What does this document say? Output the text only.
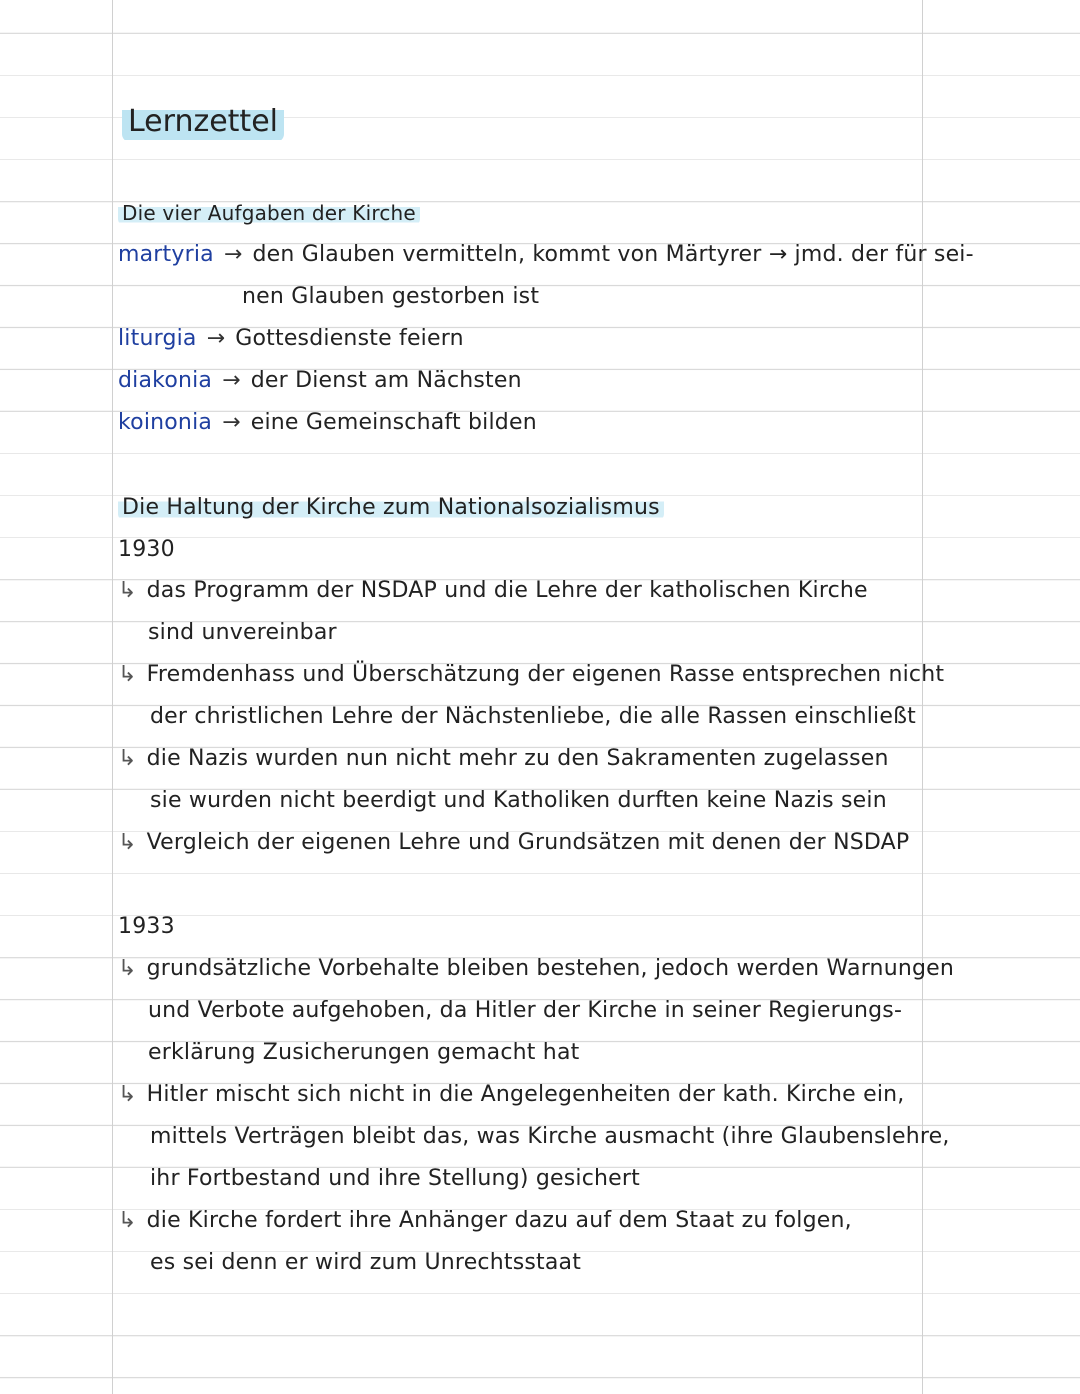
Lernzettel
Die vier Aufgaben der Kirche
martyria → den Glauben vermitteln, kommt von Märtyrer → jmd. der für sei-
nen Glauben gestorben ist
liturgia → Gottesdienste feiern
diakonia → der Dienst am Nächsten
koinonia → eine Gemeinschaft bilden
Die Haltung der Kirche zum Nationalsozialismus
1930
↳ das Programm der NSDAP und die Lehre der katholischen Kirche
sind unvereinbar
↳ Fremdenhass und Überschätzung der eigenen Rasse entsprechen nicht
der christlichen Lehre der Nächstenliebe, die alle Rassen einschließt
↳ die Nazis wurden nun nicht mehr zu den Sakramenten zugelassen
sie wurden nicht beerdigt und Katholiken durften keine Nazis sein
↳ Vergleich der eigenen Lehre und Grundsätzen mit denen der NSDAP
1933
↳ grundsätzliche Vorbehalte bleiben bestehen, jedoch werden Warnungen
und Verbote aufgehoben, da Hitler der Kirche in seiner Regierungs-
erklärung Zusicherungen gemacht hat
↳ Hitler mischt sich nicht in die Angelegenheiten der kath. Kirche ein,
mittels Verträgen bleibt das, was Kirche ausmacht (ihre Glaubenslehre,
ihr Fortbestand und ihre Stellung) gesichert
↳ die Kirche fordert ihre Anhänger dazu auf dem Staat zu folgen,
es sei denn er wird zum Unrechtsstaat
